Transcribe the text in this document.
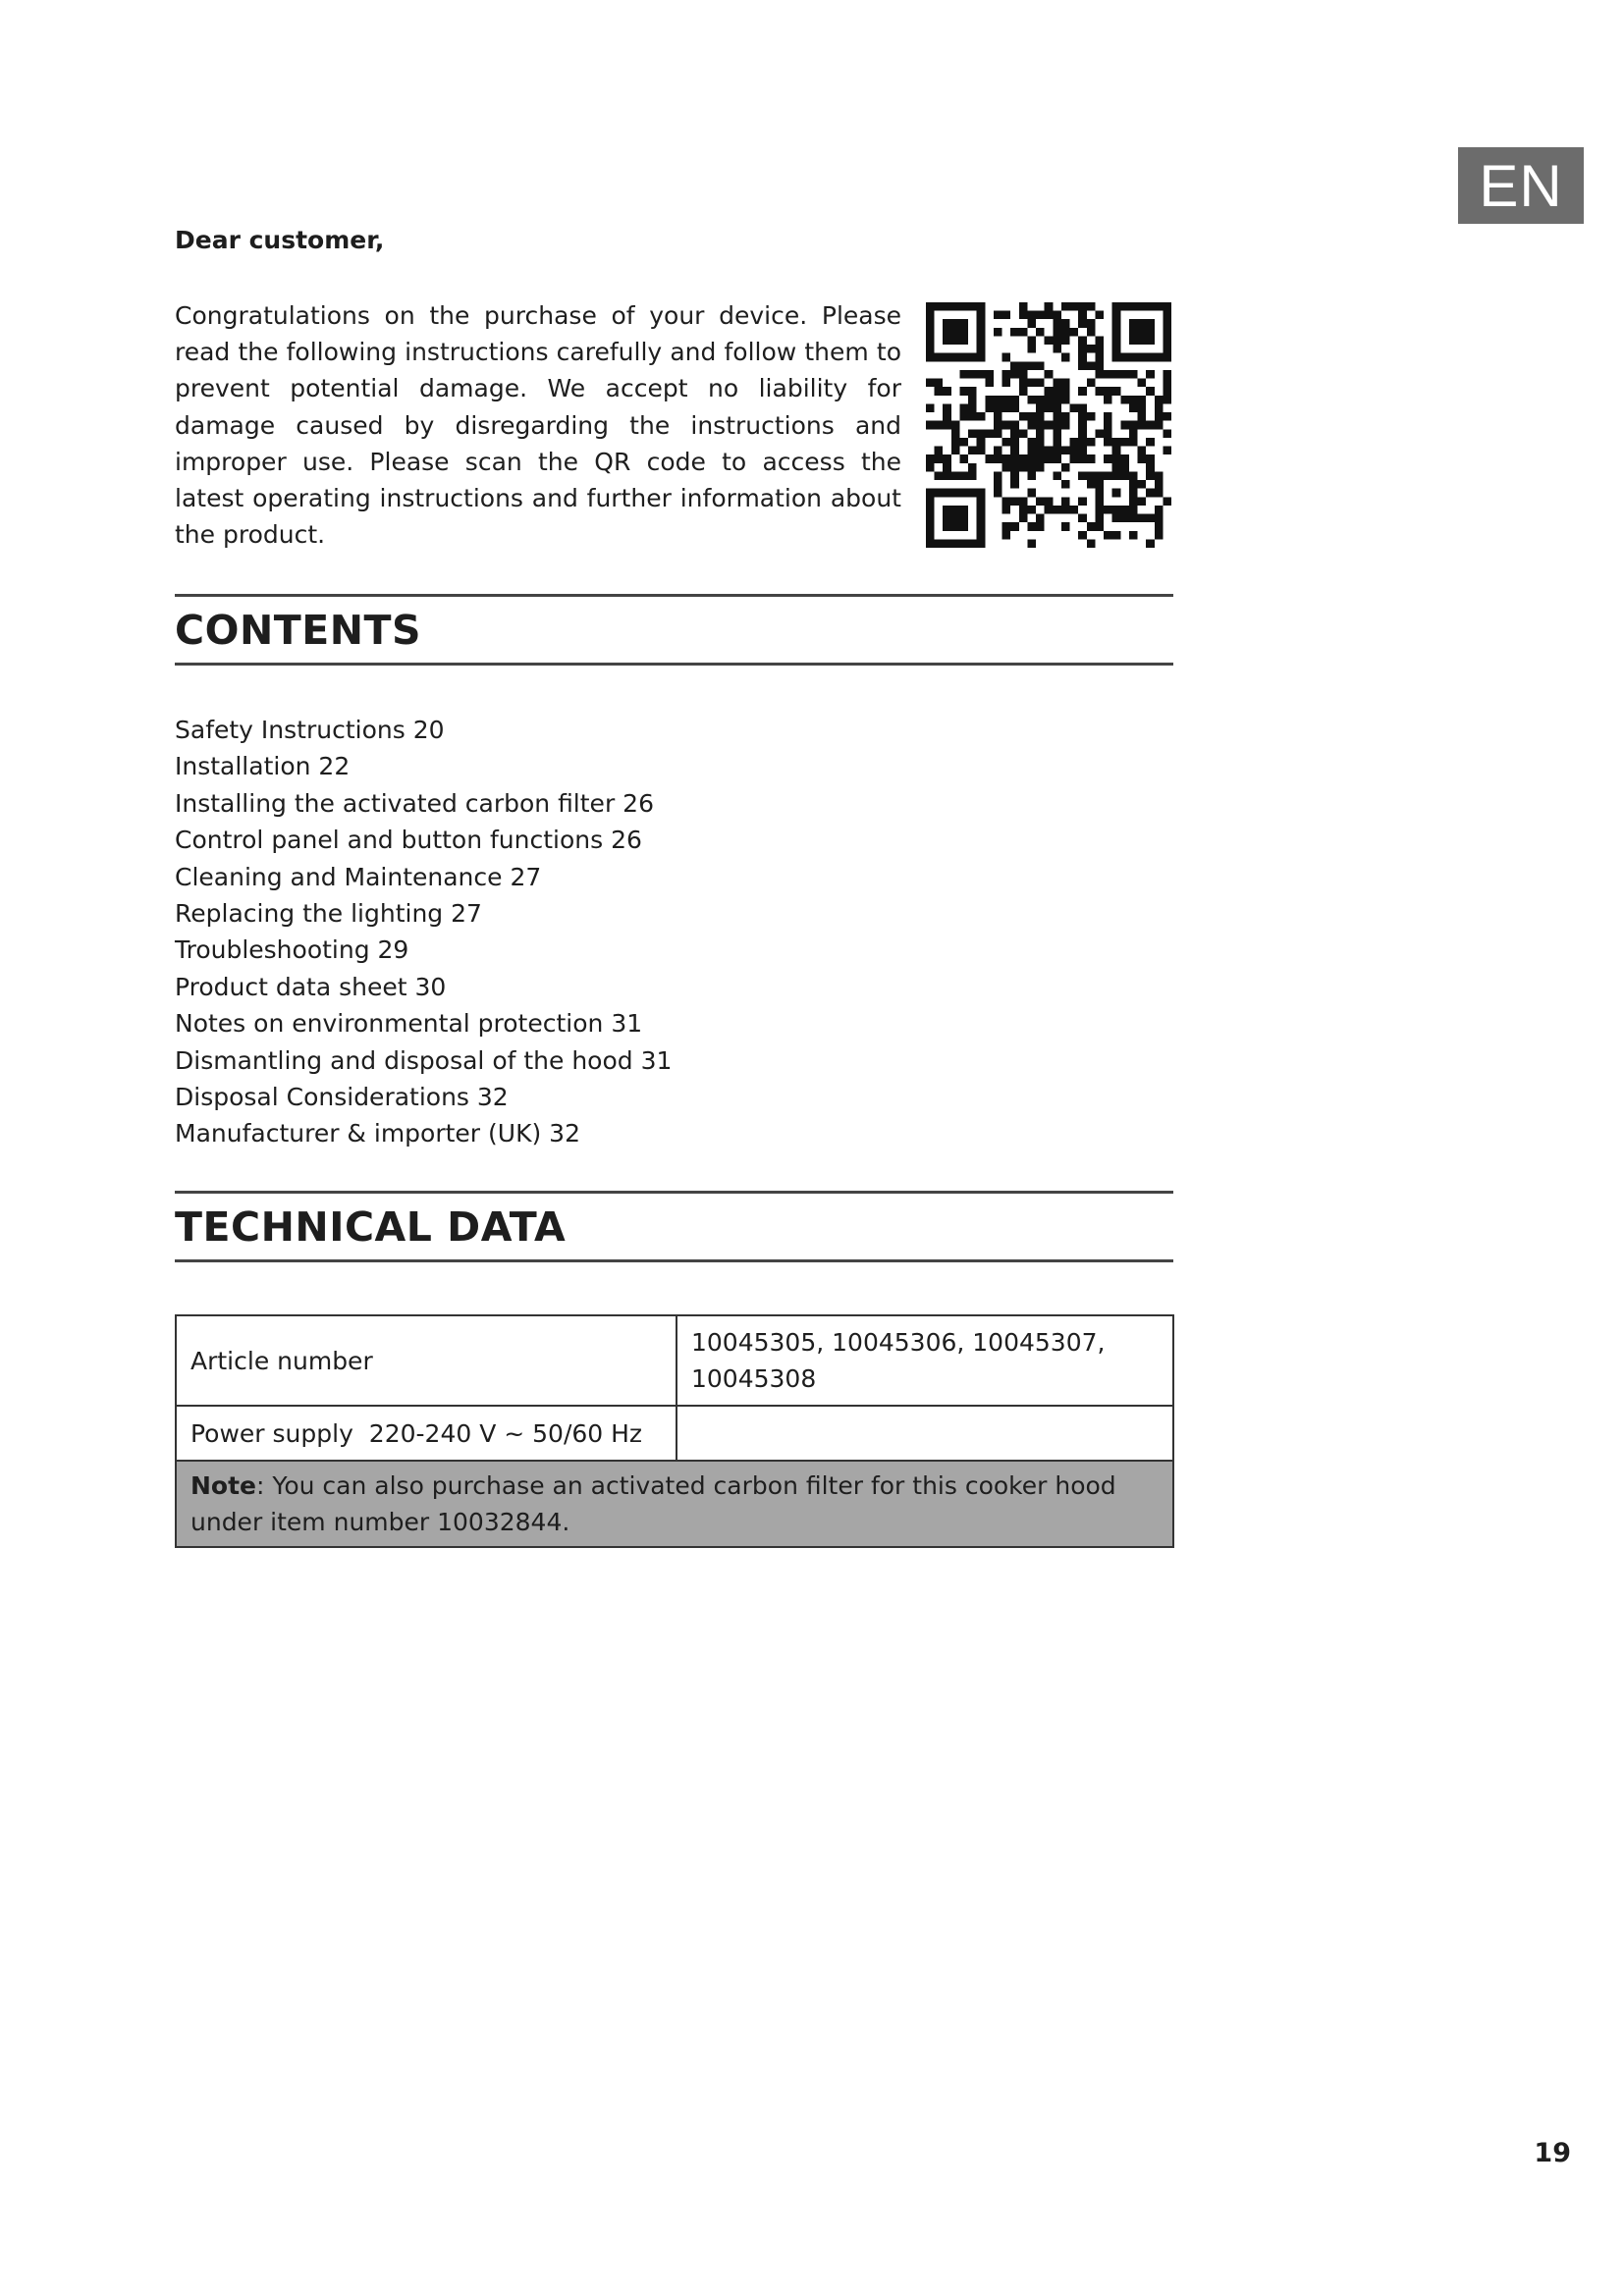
EN

Dear customer,

Congratulations on the purchase of your device. Please read the following instructions carefully and follow them to prevent potential damage. We accept no liability for damage caused by disregarding the instructions and improper use. Please scan the QR code to access the latest operating instructions and further information about the product.

CONTENTS
Safety Instructions 20
Installation 22
Installing the activated carbon filter 26
Control panel and button functions 26
Cleaning and Maintenance 27
Replacing the lighting 27
Troubleshooting 29
Product data sheet 30
Notes on environmental protection 31
Dismantling and disposal of the hood 31
Disposal Considerations 32
Manufacturer & importer (UK) 32
TECHNICAL DATA
Article number	10045305, 10045306, 10045307,
10045308
Power supply 220-240 V ~ 50/60 Hz	
Note: You can also purchase an activated carbon filter for this cooker hood under item number 10032844.	
19
